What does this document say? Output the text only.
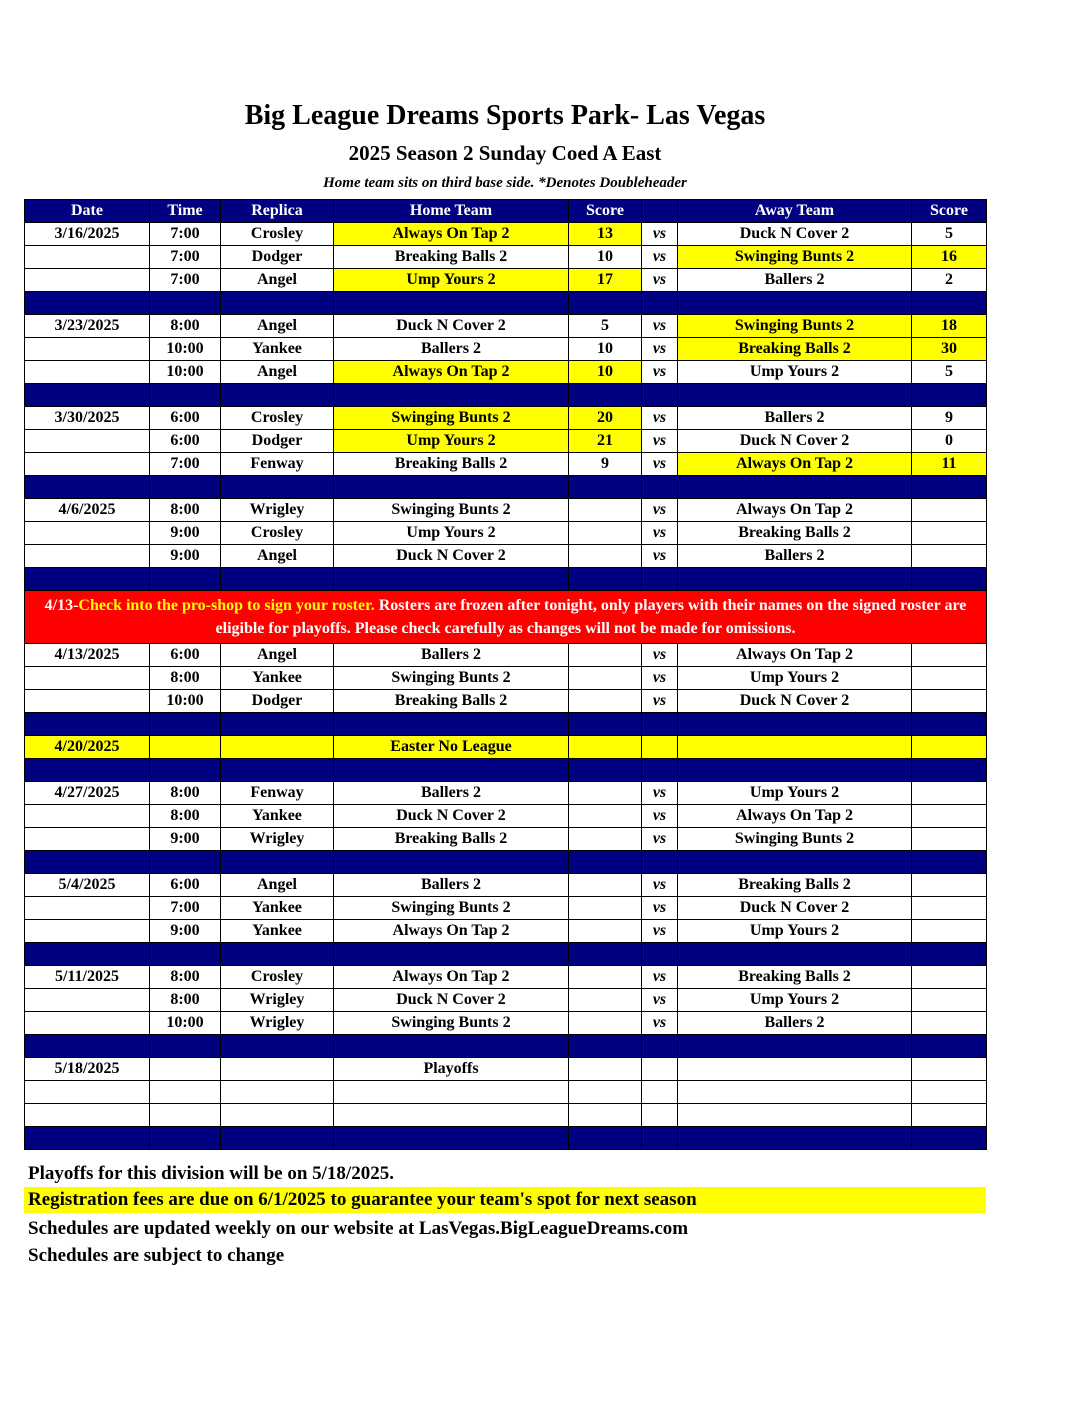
Big League Dreams Sports Park- Las Vegas
2025 Season 2 Sunday Coed A East
Home team sits on third base side. *Denotes Doubleheader
Date	Time	Replica	Home Team	Score		Away Team	Score
3/16/2025	7:00	Crosley	Always On Tap 2	13	vs	Duck N Cover 2	5
	7:00	Dodger	Breaking Balls 2	10	vs	Swinging Bunts 2	16
	7:00	Angel	Ump Yours 2	17	vs	Ballers 2	2

3/23/2025	8:00	Angel	Duck N Cover 2	5	vs	Swinging Bunts 2	18
	10:00	Yankee	Ballers 2	10	vs	Breaking Balls 2	30
	10:00	Angel	Always On Tap 2	10	vs	Ump Yours 2	5

3/30/2025	6:00	Crosley	Swinging Bunts 2	20	vs	Ballers 2	9
	6:00	Dodger	Ump Yours 2	21	vs	Duck N Cover 2	0
	7:00	Fenway	Breaking Balls 2	9	vs	Always On Tap 2	11

4/6/2025	8:00	Wrigley	Swinging Bunts 2		vs	Always On Tap 2	
	9:00	Crosley	Ump Yours 2		vs	Breaking Balls 2	
	9:00	Angel	Duck N Cover 2		vs	Ballers 2	

4/13-Check into the pro-shop to sign your roster. Rosters are frozen after tonight, only players with their names on the signed roster are eligible for playoffs. Please check carefully as changes will not be made for omissions.							
4/13/2025	6:00	Angel	Ballers 2		vs	Always On Tap 2	
	8:00	Yankee	Swinging Bunts 2		vs	Ump Yours 2	
	10:00	Dodger	Breaking Balls 2		vs	Duck N Cover 2	

4/20/2025			Easter No League				

4/27/2025	8:00	Fenway	Ballers 2		vs	Ump Yours 2	
	8:00	Yankee	Duck N Cover 2		vs	Always On Tap 2	
	9:00	Wrigley	Breaking Balls 2		vs	Swinging Bunts 2	

5/4/2025	6:00	Angel	Ballers 2		vs	Breaking Balls 2	
	7:00	Yankee	Swinging Bunts 2		vs	Duck N Cover 2	
	9:00	Yankee	Always On Tap 2		vs	Ump Yours 2	

5/11/2025	8:00	Crosley	Always On Tap 2		vs	Breaking Balls 2	
	8:00	Wrigley	Duck N Cover 2		vs	Ump Yours 2	
	10:00	Wrigley	Swinging Bunts 2		vs	Ballers 2	

5/18/2025			Playoffs				

Playoffs for this division will be on 5/18/2025.
Registration fees are due on 6/1/2025 to guarantee your team's spot for next season
Schedules are updated weekly on our website at LasVegas.BigLeagueDreams.com
Schedules are subject to change
